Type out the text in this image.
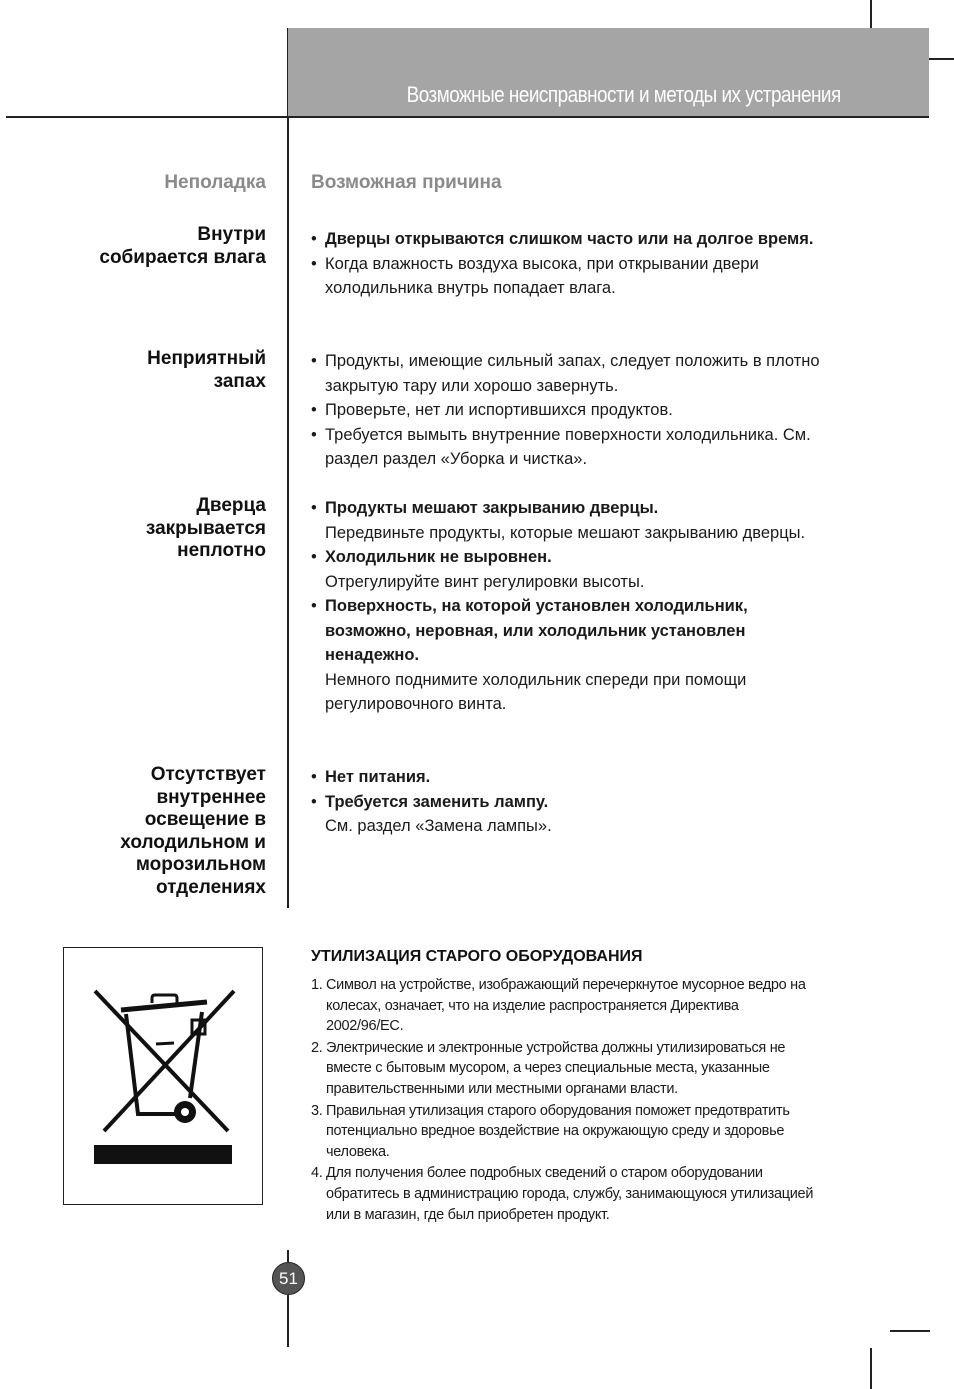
Возможные неисправности и методы их устранения
Неполадка Возможная причина
Внутри
собирается влага
• Дверцы открываются слишком часто или на долгое время.
• Когда влажность воздуха высока, при открывании двери холодильника внутрь попадает влага.
Неприятный
запах
• Продукты, имеющие сильный запах, следует положить в плотно закрытую тару или хорошо завернуть.
• Проверьте, нет ли испортившихся продуктов.
• Требуется вымыть внутренние поверхности холодильника. См. раздел раздел «Уборка и чистка».
Дверца
закрывается
неплотно
• Продукты мешают закрыванию дверцы.
Передвиньте продукты, которые мешают закрыванию дверцы.
• Холодильник не выровнен.
Отрегулируйте винт регулировки высоты.
• Поверхность, на которой установлен холодильник, возможно, неровная, или холодильник установлен ненадежно.
Немного поднимите холодильник спереди при помощи регулировочного винта.
Отсутствует
внутреннее
освещение в
холодильном и
морозильном
отделениях
• Нет питания.
• Требуется заменить лампу.
См. раздел «Замена лампы».
УТИЛИЗАЦИЯ СТАРОГО ОБОРУДОВАНИЯ
1. Символ на устройстве, изображающий перечеркнутое мусорное ведро на колесах, означает, что на изделие распространяется Директива 2002/96/EC.
2. Электрические и электронные устройства должны утилизироваться не вместе с бытовым мусором, а через специальные места, указанные правительственными или местными органами власти.
3. Правильная утилизация старого оборудования поможет предотвратить потенциально вредное воздействие на окружающую среду и здоровье человека.
4. Для получения более подробных сведений о старом оборудовании обратитесь в администрацию города, службу, занимающуюся утилизацией или в магазин, где был приобретен продукт.
51
